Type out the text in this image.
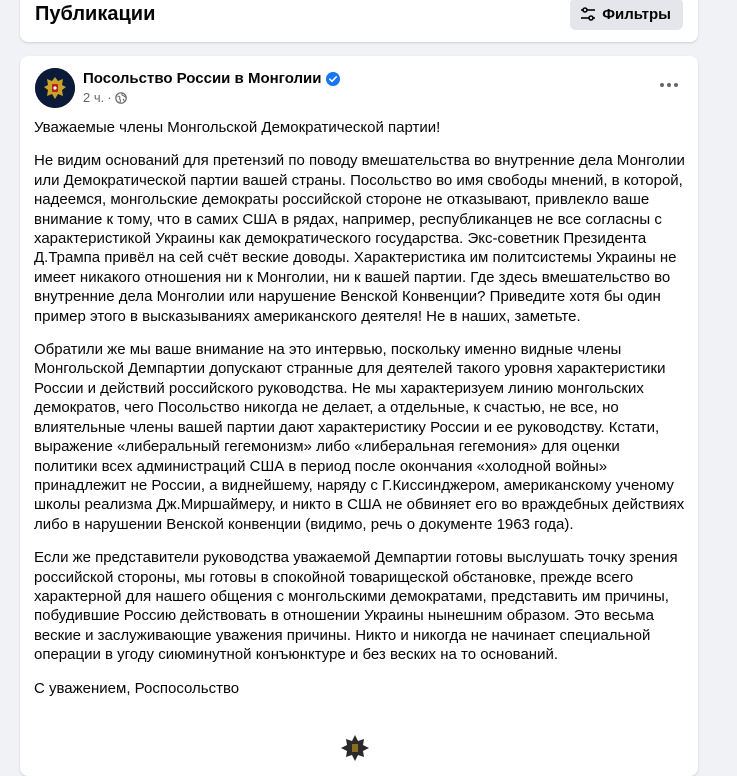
Публикации	Фильтры
Посольство России в Монголии
2 ч. ·

Уважаемые члены Монгольской Демократической партии!

Не видим оснований для претензий по поводу вмешательства во внутренние дела Монголии или Демократической партии вашей страны. Посольство во имя свободы мнений, в которой, надеемся, монгольские демократы российской стороне не отказывают, привлекло ваше внимание к тому, что в самих США в рядах, например, республиканцев не все согласны с характеристикой Украины как демократического государства. Экс-советник Президента Д.Трампа привёл на сей счёт веские доводы. Характеристика им политсистемы Украины не имеет никакого отношения ни к Монголии, ни к вашей партии. Где здесь вмешательство во внутренние дела Монголии или нарушение Венской Конвенции? Приведите хотя бы один пример этого в высказываниях американского деятеля! Не в наших, заметьте.

Обратили же мы ваше внимание на это интервью, поскольку именно видные члены Монгольской Демпартии допускают странные для деятелей такого уровня характеристики России и действий российского руководства. Не мы характеризуем линию монгольских демократов, чего Посольство никогда не делает, а отдельные, к счастью, не все, но влиятельные члены вашей партии дают характеристику России и ее руководству. Кстати, выражение «либеральный гегемонизм» либо «либеральная гегемония» для оценки политики всех администраций США в период после окончания «холодной войны» принадлежит не России, а виднейшему, наряду с Г.Киссинджером, американскому ученому школы реализма Дж.Миршаймеру, и никто в США не обвиняет его во враждебных действиях либо в нарушении Венской конвенции (видимо, речь о документе 1963 года).

Если же представители руководства уважаемой Демпартии готовы выслушать точку зрения российской стороны, мы готовы в спокойной товарищеской обстановке, прежде всего характерной для нашего общения с монгольскими демократами, представить им причины, побудившие Россию действовать в отношении Украины нынешним образом. Это весьма веские и заслуживающие уважения причины. Никто и никогда не начинает специальной операции в угоду сиюминутной конъюнктуре и без веских на то оснований.

С уважением, Роспосольство
